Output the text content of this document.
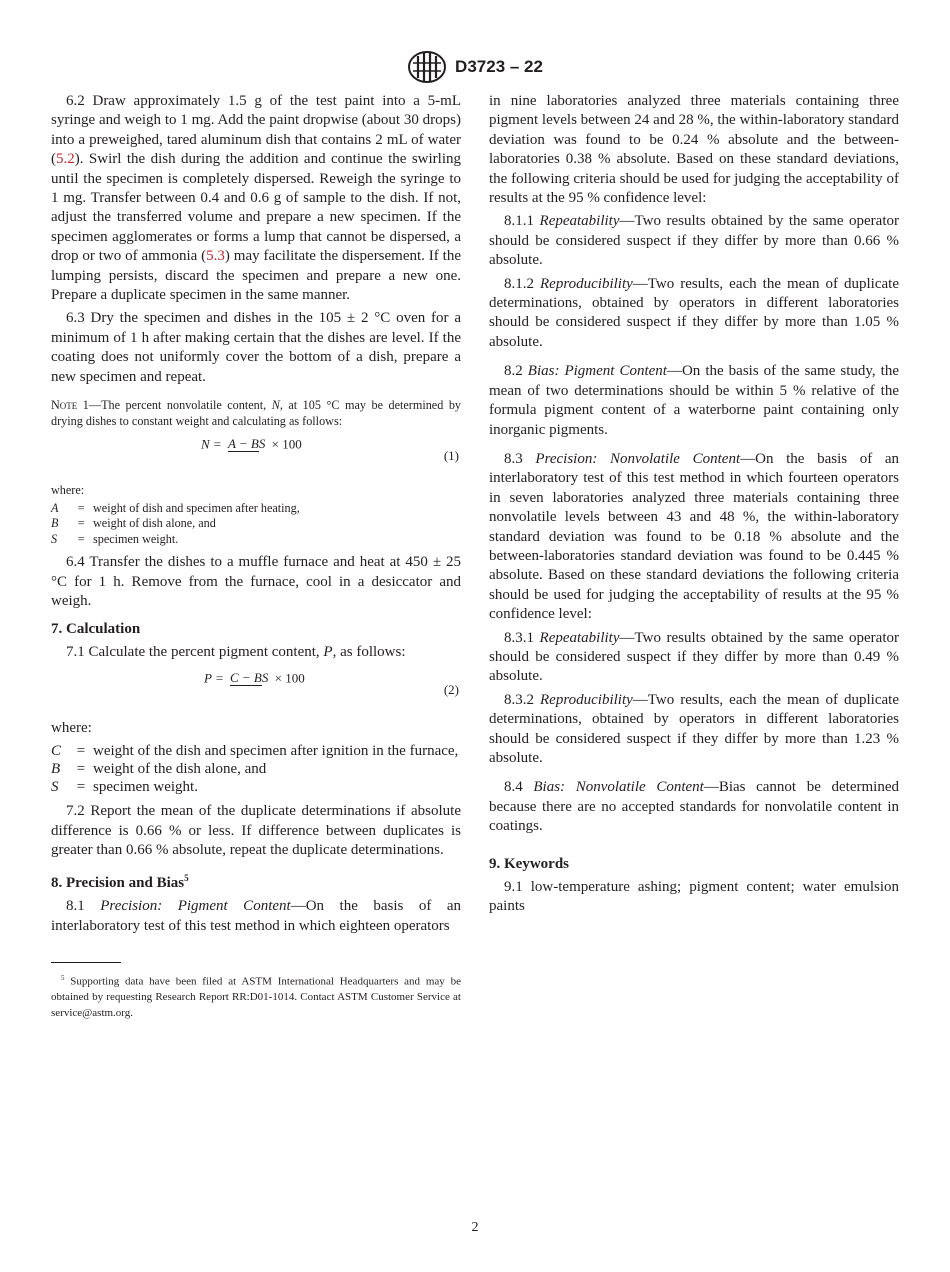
D3723 – 22

6.2 Draw approximately 1.5 g of the test paint into a 5-mL syringe and weigh to 1 mg. Add the paint dropwise (about 30 drops) into a preweighed, tared aluminum dish that contains 2 mL of water (5.2). Swirl the dish during the addition and continue the swirling until the specimen is completely dispersed. Reweigh the syringe to 1 mg. Transfer between 0.4 and 0.6 g of sample to the dish. If not, adjust the transferred volume and prepare a new specimen. If the specimen agglomerates or forms a lump that cannot be dispersed, a drop or two of ammonia (5.3) may facilitate the dispersement. If the lumping persists, discard the specimen and prepare a new one. Prepare a duplicate specimen in the same manner.

6.3 Dry the specimen and dishes in the 105 ± 2 °C oven for a minimum of 1 h after making certain that the dishes are level. If the coating does not uniformly cover the bottom of a dish, prepare a new specimen and repeat.

Note 1—The percent nonvolatile content, N, at 105 °C may be determined by drying dishes to constant weight and calculating as follows:
N = A − BS × 100
(1)
where:
A	= weight of dish and specimen after heating,
B	= weight of dish alone, and
S	= specimen weight.

6.4 Transfer the dishes to a muffle furnace and heat at 450 ± 25 °C for 1 h. Remove from the furnace, cool in a desiccator and weigh.

7. Calculation

7.1 Calculate the percent pigment content, P, as follows:

P = C − BS × 100
(2)
where:
C	= weight of the dish and specimen after ignition in the furnace,
B	= weight of the dish alone, and
S	= specimen weight.

7.2 Report the mean of the duplicate determinations if absolute difference is 0.66 % or less. If difference between duplicates is greater than 0.66 % absolute, repeat the duplicate determinations.

8. Precision and Bias$^5$

8.1 Precision: Pigment Content—On the basis of an interlaboratory test of this test method in which eighteen operators

$^5$ Supporting data have been filed at ASTM International Headquarters and may be obtained by requesting Research Report RR:D01-1014. Contact ASTM Customer Service at service@astm.org.

in nine laboratories analyzed three materials containing three pigment levels between 24 and 28 %, the within-laboratory standard deviation was found to be 0.24 % absolute and the between-laboratories 0.38 % absolute. Based on these standard deviations, the following criteria should be used for judging the acceptability of results at the 95 % confidence level:

8.1.1 Repeatability—Two results obtained by the same operator should be considered suspect if they differ by more than 0.66 % absolute.

8.1.2 Reproducibility—Two results, each the mean of duplicate determinations, obtained by operators in different laboratories should be considered suspect if they differ by more than 1.05 % absolute.

8.2 Bias: Pigment Content—On the basis of the same study, the mean of two determinations should be within 5 % relative of the formula pigment content of a waterborne paint containing only inorganic pigments.

8.3 Precision: Nonvolatile Content—On the basis of an interlaboratory test of this test method in which fourteen operators in seven laboratories analyzed three materials containing three nonvolatile levels between 43 and 48 %, the within-laboratory standard deviation was found to be 0.18 % absolute and the between-laboratories standard deviation was found to be 0.445 % absolute. Based on these standard deviations the following criteria should be used for judging the acceptability of results at the 95 % confidence level:

8.3.1 Repeatability—Two results obtained by the same operator should be considered suspect if they differ by more than 0.49 % absolute.

8.3.2 Reproducibility—Two results, each the mean of duplicate determinations, obtained by operators in different laboratories should be considered suspect if they differ by more than 1.23 % absolute.

8.4 Bias: Nonvolatile Content—Bias cannot be determined because there are no accepted standards for nonvolatile content in coatings.

9. Keywords

9.1 low-temperature ashing; pigment content; water emulsion paints

2
